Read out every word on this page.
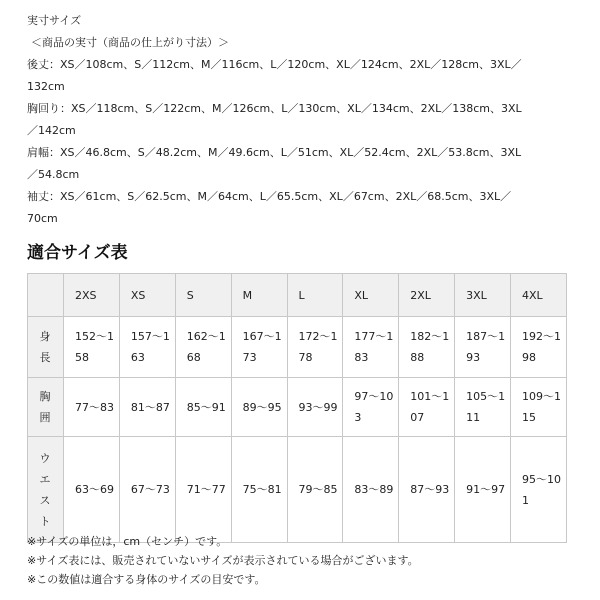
実寸サイズ
＜商品の実寸（商品の仕上がり寸法）＞
後丈：XS／108cm、S／112cm、M／116cm、L／120cm、XL／124cm、2XL／128cm、3XL／
132cm
胸回り：XS／118cm、S／122cm、M／126cm、L／130cm、XL／134cm、2XL／138cm、3XL
／142cm
肩幅：XS／46.8cm、S／48.2cm、M／49.6cm、L／51cm、XL／52.4cm、2XL／53.8cm、3XL
／54.8cm
袖丈：XS／61cm、S／62.5cm、M／64cm、L／65.5cm、XL／67cm、2XL／68.5cm、3XL／
70cm
適合サイズ表
	2XS	XS	S	M	L	XL	2XL	3XL	4XL
身長	152～158	157～163	162～168	167～173	172～178	177～183	182～188	187～193	192～198
胸囲	77～83	81～87	85～91	89～95	93～99	97～103	101～107	105～111	109～115
ウエスト	63～69	67～73	71～77	75～81	79～85	83～89	87～93	91～97	95～101
※サイズの単位は，cm（センチ）です。
※サイズ表には、販売されていないサイズが表示されている場合がございます。
※この数値は適合する身体のサイズの目安です。
